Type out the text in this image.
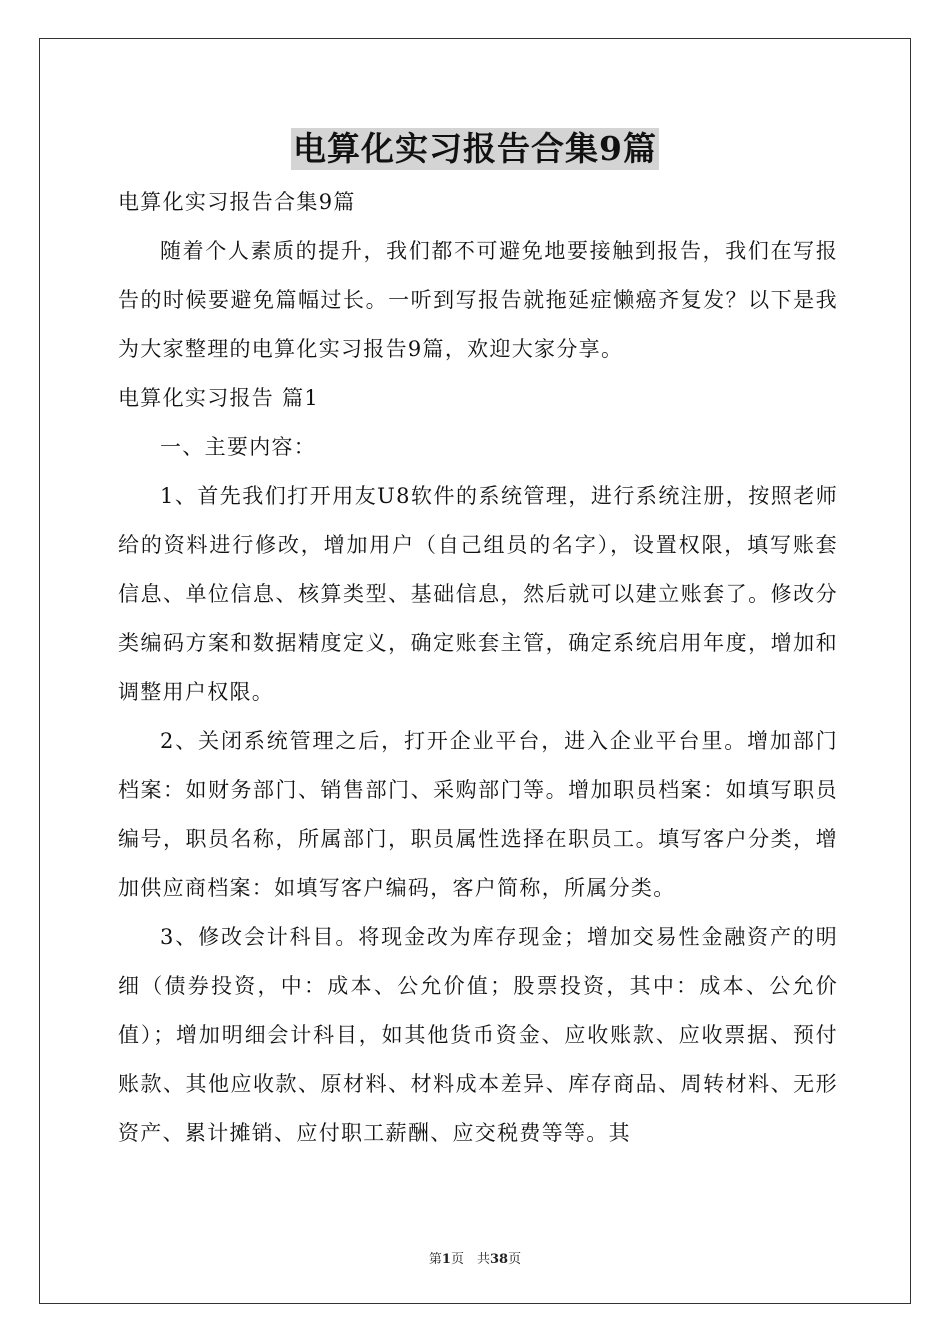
电算化实习报告合集9篇
电算化实习报告合集9篇

随着个人素质的提升，我们都不可避免地要接触到报告，我们在写报告的时候要避免篇幅过长。一听到写报告就拖延症懒癌齐复发？以下是我为大家整理的电算化实习报告9篇，欢迎大家分享。

电算化实习报告 篇1

一、主要内容：

1、首先我们打开用友U8软件的系统管理，进行系统注册，按照老师给的资料进行修改，增加用户（自己组员的名字），设置权限，填写账套信息、单位信息、核算类型、基础信息，然后就可以建立账套了。修改分类编码方案和数据精度定义，确定账套主管，确定系统启用年度，增加和调整用户权限。

2、关闭系统管理之后，打开企业平台，进入企业平台里。增加部门档案：如财务部门、销售部门、采购部门等。增加职员档案：如填写职员编号，职员名称，所属部门，职员属性选择在职员工。填写客户分类，增加供应商档案：如填写客户编码，客户简称，所属分类。

3、修改会计科目。将现金改为库存现金；增加交易性金融资产的明细（债券投资，中：成本、公允价值；股票投资，其中：成本、公允价值）；增加明细会计科目，如其他货币资金、应收账款、应收票据、预付账款、其他应收款、原材料、材料成本差异、库存商品、周转材料、无形资产、累计摊销、应付职工薪酬、应交税费等等。其

第1页　共38页
